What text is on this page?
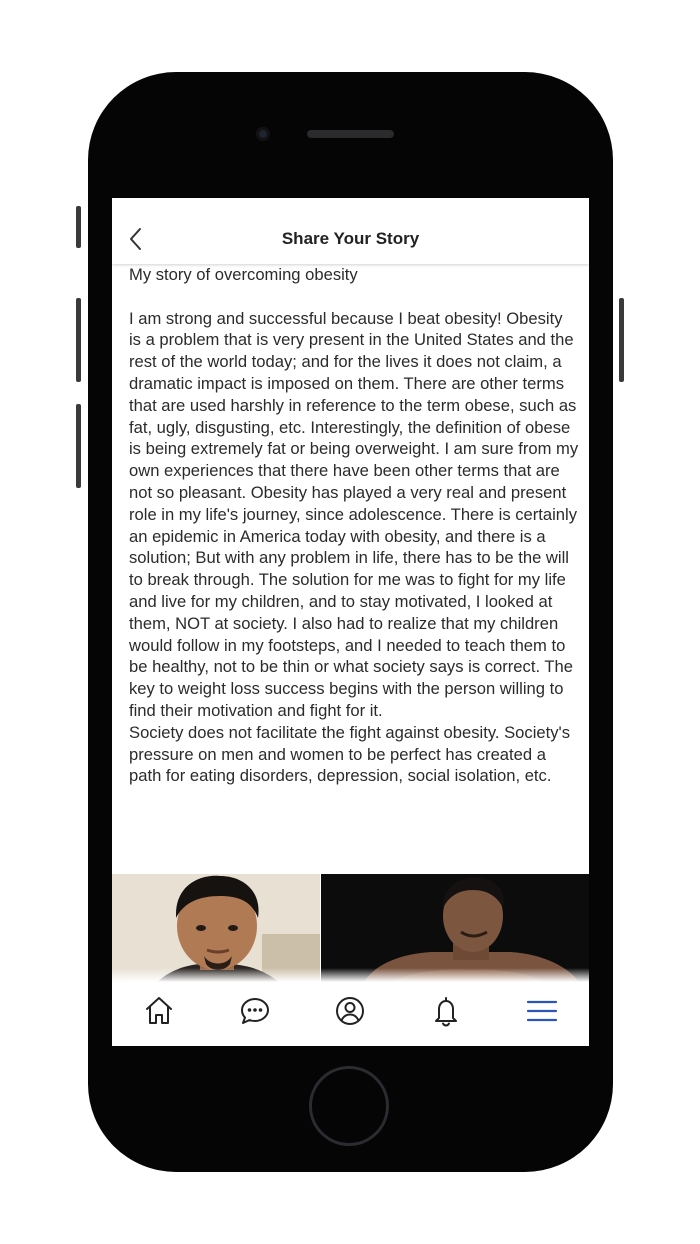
Share Your Story

My story of overcoming obesity

I am strong and successful because I beat obesity! Obesity is a problem that is very present in the United States and the rest of the world today; and for the lives it does not claim, a dramatic impact is imposed on them. There are other terms that are used harshly in reference to the term obese, such as fat, ugly, disgusting, etc. Interestingly, the definition of obese is being extremely fat or being overweight. I am sure from my own experiences that there have been other terms that are not so pleasant. Obesity has played a very real and present role in my life's journey, since adolescence. There is certainly an epidemic in America today with obesity, and there is a solution; But with any problem in life, there has to be the will to break through. The solution for me was to fight for my life and live for my children, and to stay motivated, I looked at them, NOT at society. I also had to realize that my children would follow in my footsteps, and I needed to teach them to be healthy, not to be thin or what society says is correct. The key to weight loss success begins with the person willing to find their motivation and fight for it.
Society does not facilitate the fight against obesity. Society's pressure on men and women to be perfect has created a path for eating disorders, depression, social isolation, etc.
